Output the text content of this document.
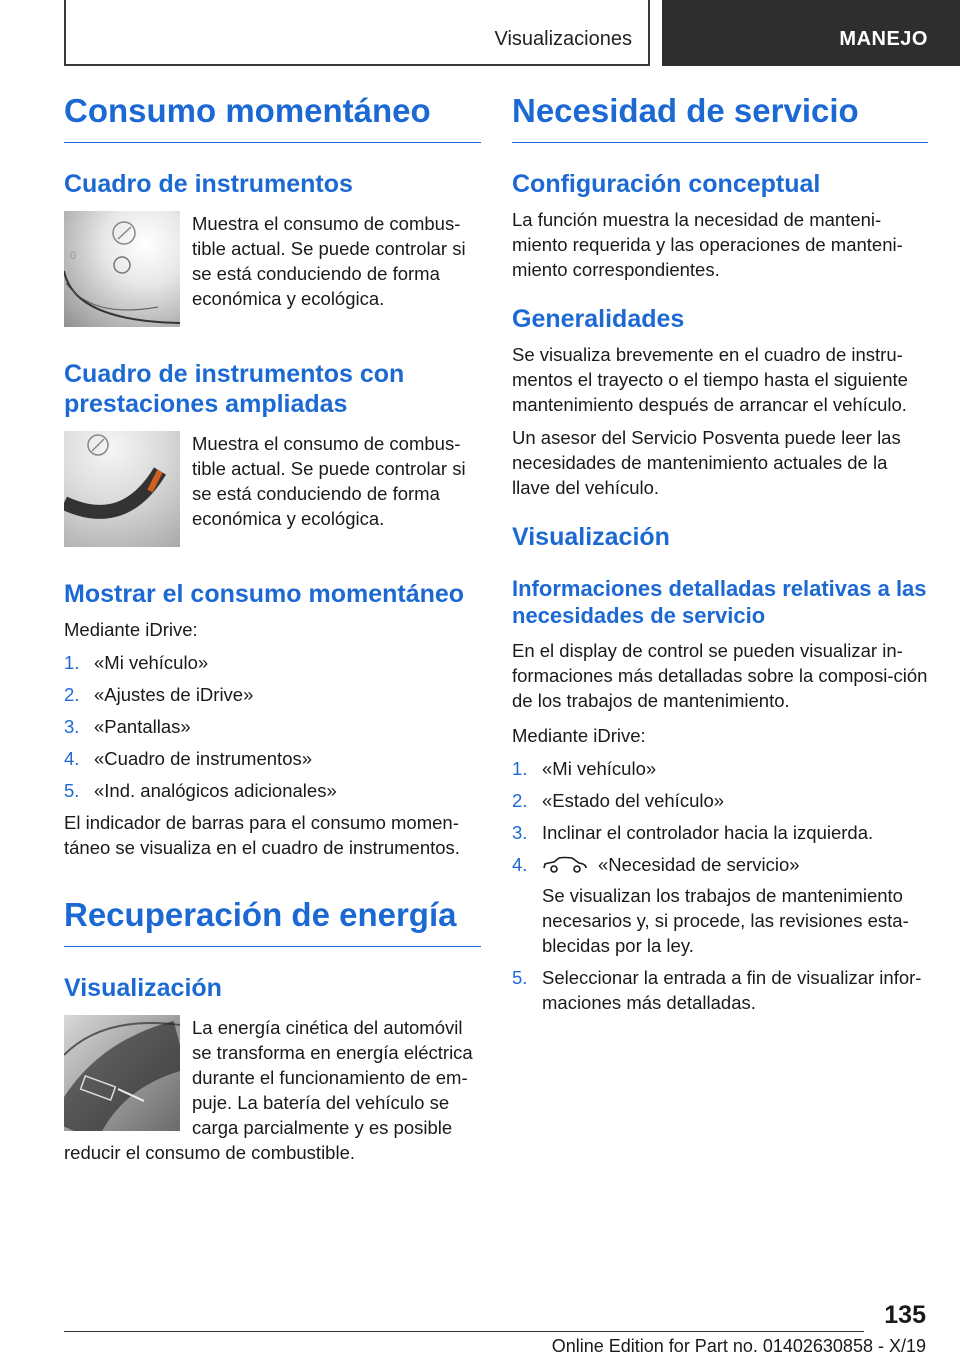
Visualizaciones	MANEJO
Consumo momentáneo
Cuadro de instrumentos
0
Muestra el consumo de combus‐tible actual. Se puede controlar si se está conduciendo de forma económica y ecológica.
Cuadro de instrumentos con prestaciones ampliadas
Muestra el consumo de combus‐tible actual. Se puede controlar si se está conduciendo de forma económica y ecológica.
Mostrar el consumo momentáneo

Mediante iDrive:

1. «Mi vehículo»
2. «Ajustes de iDrive»
3. «Pantallas»
4. «Cuadro de instrumentos»
5. «Ind. analógicos adicionales»

El indicador de barras para el consumo momen‐táneo se visualiza en el cuadro de instrumentos.

Recuperación de energía
Visualización
La energía cinética del automóvil se transforma en energía eléctrica durante el funcionamiento de em‐puje. La batería del vehículo se carga parcialmente y es posible reducir el consumo de combustible.
Necesidad de servicio
Configuración conceptual

La función muestra la necesidad de manteni‐miento requerida y las operaciones de manteni‐miento correspondientes.

Generalidades

Se visualiza brevemente en el cuadro de instru‐mentos el trayecto o el tiempo hasta el siguiente mantenimiento después de arrancar el vehículo.

Un asesor del Servicio Posventa puede leer las necesidades de mantenimiento actuales de la llave del vehículo.

Visualización
Informaciones detalladas relativas a las necesidades de servicio

En el display de control se pueden visualizar in‐formaciones más detalladas sobre la composi‐ción de los trabajos de mantenimiento.

Mediante iDrive:

1. «Mi vehículo»
2. «Estado del vehículo»
3. Inclinar el controlador hacia la izquierda.
4.	«Necesidad de servicio»
Se visualizan los trabajos de mantenimiento necesarios y, si procede, las revisiones esta‐blecidas por la ley.
5. Seleccionar la entrada a fin de visualizar infor‐maciones más detalladas.
135
Online Edition for Part no. 01402630858 - X/19
